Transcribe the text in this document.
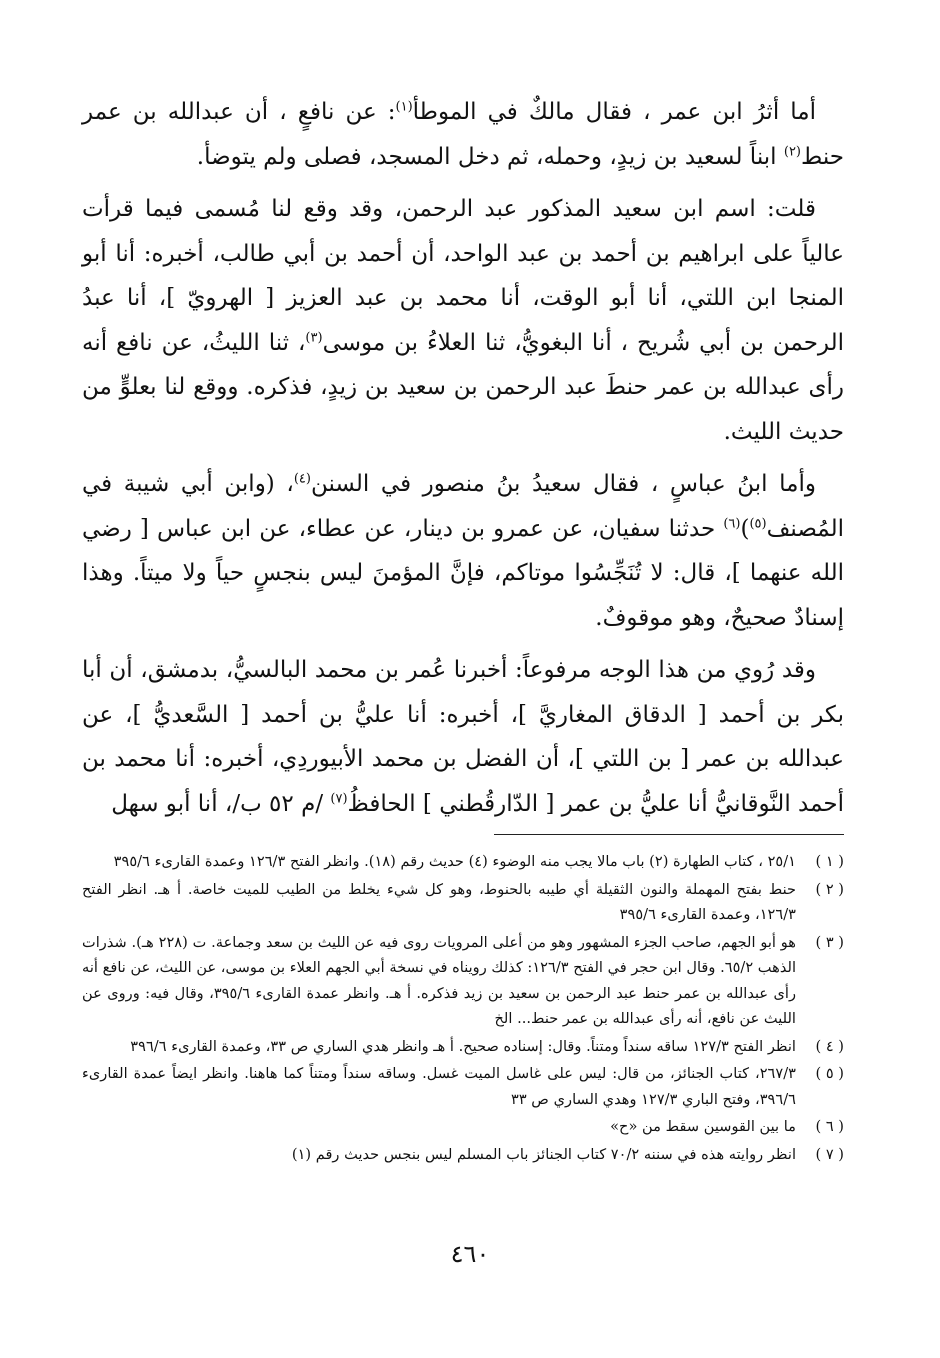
أما أثرُ ابن عمر ، فقال مالكٌ في الموطأ$^{(١)}$: عن نافعٍ ، أن عبدالله بن عمر حنط$^{(٢)}$ ابناً لسعيد بن زيدٍ، وحمله، ثم دخل المسجد، فصلى ولم يتوضأ.

قلت: اسم ابن سعيد المذكور عبد الرحمن، وقد وقع لنا مُسمى فيما قرأت عالياً على ابراهيم بن أحمد بن عبد الواحد، أن أحمد بن أبي طالب، أخبره: أنا أبو المنجا ابن اللتي، أنا أبو الوقت، أنا محمد بن عبد العزيز [ الهرويّ ]، أنا عبدُ الرحمن بن أبي شُريح ، أنا البغويُّ، ثنا العلاءُ بن موسى$^{(٣)}$، ثنا الليثُ، عن نافع أنه رأى عبدالله بن عمر حنطَ عبد الرحمن بن سعيد بن زيدٍ، فذكره. ووقع لنا بعلوٍّ من حديث الليث.

وأما ابنُ عباسٍ ، فقال سعيدُ بنُ منصور في السنن$^{(٤)}$، (وابن أبي شيبة في المُصنف$^{(٥)}$)$^{(٦)}$ حدثنا سفيان، عن عمرو بن دينار، عن عطاء، عن ابن عباس [ رضي الله عنهما ]، قال: لا تُنَجِّسُوا موتاكم، فإنَّ المؤمنَ ليس بنجسٍ حياً ولا ميتاً. وهذا إسنادٌ صحيحٌ، وهو موقوفٌ.

وقد رُوي من هذا الوجه مرفوعاً: أخبرنا عُمر بن محمد البالسيُّ، بدمشق، أن أبا بكر بن أحمد [ الدقاق المغاريَّ ]، أخبره: أنا عليُّ بن أحمد [ السَّعديُّ ]، عن عبدالله بن عمر [ بن اللتي ]، أن الفضل بن محمد الأبيوردِي، أخبره: أنا محمد بن أحمد النَّوقانيُّ أنا عليُّ بن عمر [ الدّارقُطني ] الحافظُ$^{(٧)}$ /م ٥٢ ب/، أنا أبو سهل

( ١ )
٢٥/١ ، كتاب الطهارة (٢) باب مالا يجب منه الوضوء (٤) حديث رقم (١٨). وانظر الفتح ١٢٦/٣ وعمدة القارىء ٣٩٥/٦
( ٢ )
حنط بفتح المهملة والنون الثقيلة أي طيبه بالحنوط، وهو كل شيء يخلط من الطيب للميت خاصة. أ هـ. انظر الفتح ١٢٦/٣، وعمدة القارىء ٣٩٥/٦
( ٣ )
هو أبو الجهم، صاحب الجزء المشهور وهو من أعلى المرويات روى فيه عن الليث بن سعد وجماعة. ت (٢٢٨ هـ). شذرات الذهب ٦٥/٢. وقال ابن حجر في الفتح ١٢٦/٣: كذلك رويناه في نسخة أبي الجهم العلاء بن موسى، عن الليث، عن نافع أنه رأى عبدالله بن عمر حنط عبد الرحمن بن سعيد بن زيد فذكره. أ هـ. وانظر عمدة القارىء ٣٩٥/٦، وقال فيه: وروى عن الليث عن نافع، أنه رأى عبدالله بن عمر حنط... الخ
( ٤ )
انظر الفتح ١٢٧/٣ ساقه سنداً ومتناً. وقال: إسناده صحيح. أ هـ وانظر هدي الساري ص ٣٣، وعمدة القارىء ٣٩٦/٦
( ٥ )
٢٦٧/٣، كتاب الجنائز، من قال: ليس على غاسل الميت غسل. وساقه سنداً ومتناً كما هاهنا. وانظر ايضاً عمدة القارىء ٣٩٦/٦، وفتح الباري ١٢٧/٣ وهدي الساري ص ٣٣
( ٦ )
ما بين القوسين سقط من «ح»
( ٧ )
انظر روايته هذه في سننه ٧٠/٢ كتاب الجنائز باب المسلم ليس بنجس حديث رقم (١)
٤٦٠
